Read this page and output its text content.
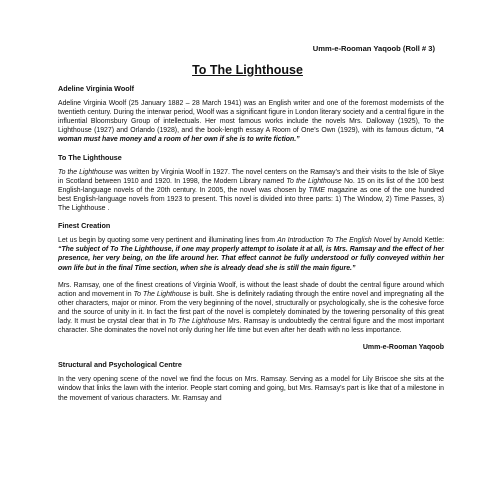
Umm-e-Rooman Yaqoob (Roll # 3)
To The Lighthouse
Adeline Virginia Woolf

Adeline Virginia Woolf (25 January 1882 – 28 March 1941) was an English writer and one of the foremost modernists of the twentieth century. During the interwar period, Woolf was a significant figure in London literary society and a central figure in the influential Bloomsbury Group of intellectuals. Her most famous works include the novels Mrs. Dalloway (1925), To the Lighthouse (1927) and Orlando (1928), and the book-length essay A Room of One’s Own (1929), with its famous dictum, “A woman must have money and a room of her own if she is to write fiction.”

To The Lighthouse

To the Lighthouse was written by Virginia Woolf in 1927. The novel centers on the Ramsay’s and their visits to the Isle of Skye in Scotland between 1910 and 1920. In 1998, the Modern Library named To the Lighthouse No. 15 on its list of the 100 best English-language novels of the 20th century. In 2005, the novel was chosen by TIME magazine as one of the one hundred best English-language novels from 1923 to present. This novel is divided into three parts: 1) The Window, 2) Time Passes, 3) The Lighthouse .

Finest Creation

Let us begin by quoting some very pertinent and illuminating lines from An Introduction To The English Novel by Arnold Kettle: “The subject of To The Lighthouse, if one may properly attempt to isolate it at all, is Mrs. Ramsay and the effect of her presence, her very being, on the life around her. That effect cannot be fully understood or fully conveyed within her own life but in the final Time section, when she is already dead she is still the main figure.”

Mrs. Ramsay, one of the finest creations of Virginia Woolf, is without the least shade of doubt the central figure around which action and movement in To The Lighthouse is built. She is definitely radiating through the entire novel and impregnating all the other characters, major or minor. From the very beginning of the novel, structurally or psychologically, she is the cohesive force and the source of unity in it. In fact the first part of the novel is completely dominated by the towering personality of this great lady. It must be crystal clear that in To The Lighthouse Mrs. Ramsay is undoubtedly the central figure and the most important character. She dominates the novel not only during her life time but even after her death with no less importance.

Umm-e-Rooman Yaqoob
Structural and Psychological Centre

In the very opening scene of the novel we find the focus on Mrs. Ramsay. Serving as a model for Lily Briscoe she sits at the window that links the lawn with the interior. People start coming and going, but Mrs. Ramsay’s part is like that of a milestone in the movement of various characters. Mr. Ramsay and
